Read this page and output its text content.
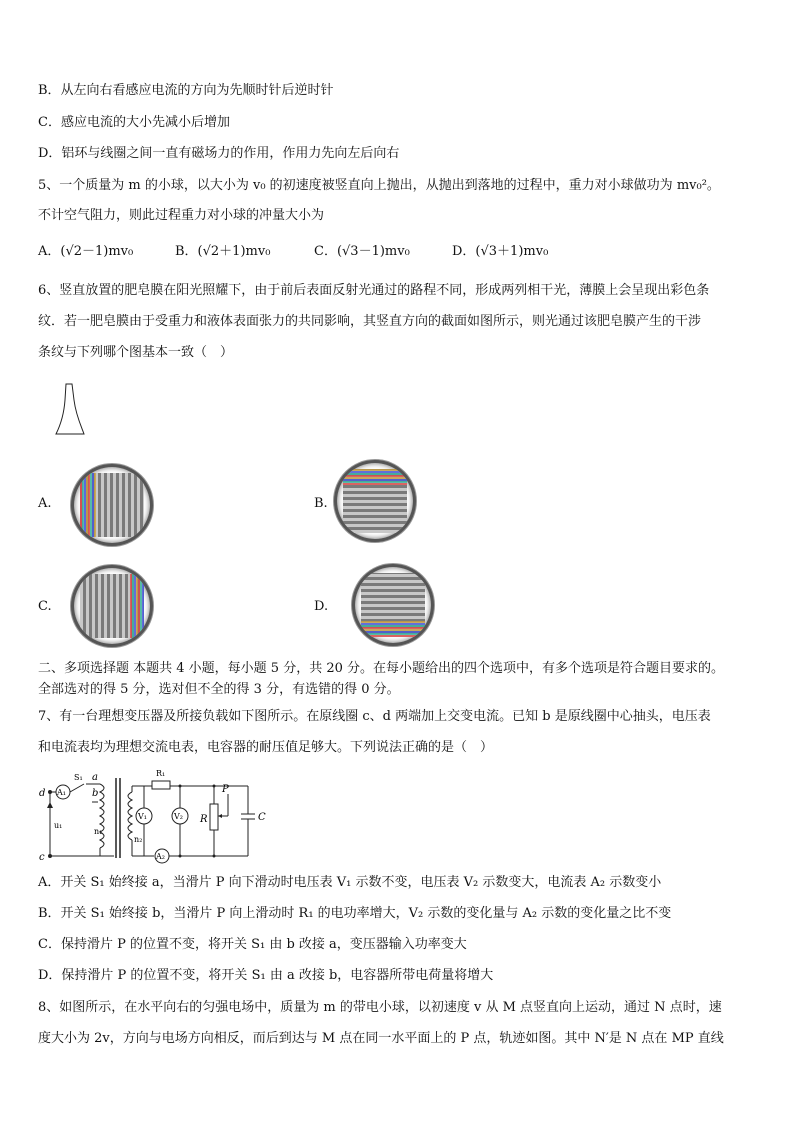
B．从左向右看感应电流的方向为先顺时针后逆时针
C．感应电流的大小先减小后增加
D．铝环与线圈之间一直有磁场力的作用，作用力先向左后向右
5、一个质量为 m 的小球，以大小为 v₀ 的初速度被竖直向上抛出，从抛出到落地的过程中，重力对小球做功为 mv₀²。
不计空气阻力，则此过程重力对小球的冲量大小为
A．(√2－1)mv₀	B．(√2＋1)mv₀	C．(√3－1)mv₀	D．(√3＋1)mv₀
6、竖直放置的肥皂膜在阳光照耀下，由于前后表面反射光通过的路程不同，形成两列相干光，薄膜上会呈现出彩色条
纹．若一肥皂膜由于受重力和液体表面张力的共同影响，其竖直方向的截面如图所示，则光通过该肥皂膜产生的干涉
条纹与下列哪个图基本一致（　）
A.	B.
C.	D.
二、多项选择题 本题共 4 小题，每小题 5 分，共 20 分。在每小题给出的四个选项中，有多个选项是符合题目要求的。
全部选对的得 5 分，选对但不全的得 3 分，有选错的得 0 分。
7、有一台理想变压器及所接负载如下图所示。在原线圈 c、d 两端加上交变电流。已知 b 是原线圈中心抽头，电压表
和电流表均为理想交流电表，电容器的耐压值足够大。下列说法正确的是（　）
d
c
u₁
A₁
S₁ a
b
n₁
n₂
R₁
V₁
A₂
V₂ R
P
C
A．开关 S₁ 始终接 a，当滑片 P 向下滑动时电压表 V₁ 示数不变，电压表 V₂ 示数变大，电流表 A₂ 示数变小
B．开关 S₁ 始终接 b，当滑片 P 向上滑动时 R₁ 的电功率增大，V₂ 示数的变化量与 A₂ 示数的变化量之比不变
C．保持滑片 P 的位置不变，将开关 S₁ 由 b 改接 a，变压器输入功率变大
D．保持滑片 P 的位置不变，将开关 S₁ 由 a 改接 b，电容器所带电荷量将增大
8、如图所示，在水平向右的匀强电场中，质量为 m 的带电小球，以初速度 v 从 M 点竖直向上运动，通过 N 点时，速
度大小为 2v，方向与电场方向相反，而后到达与 M 点在同一水平面上的 P 点，轨迹如图。其中 N′是 N 点在 MP 直线
